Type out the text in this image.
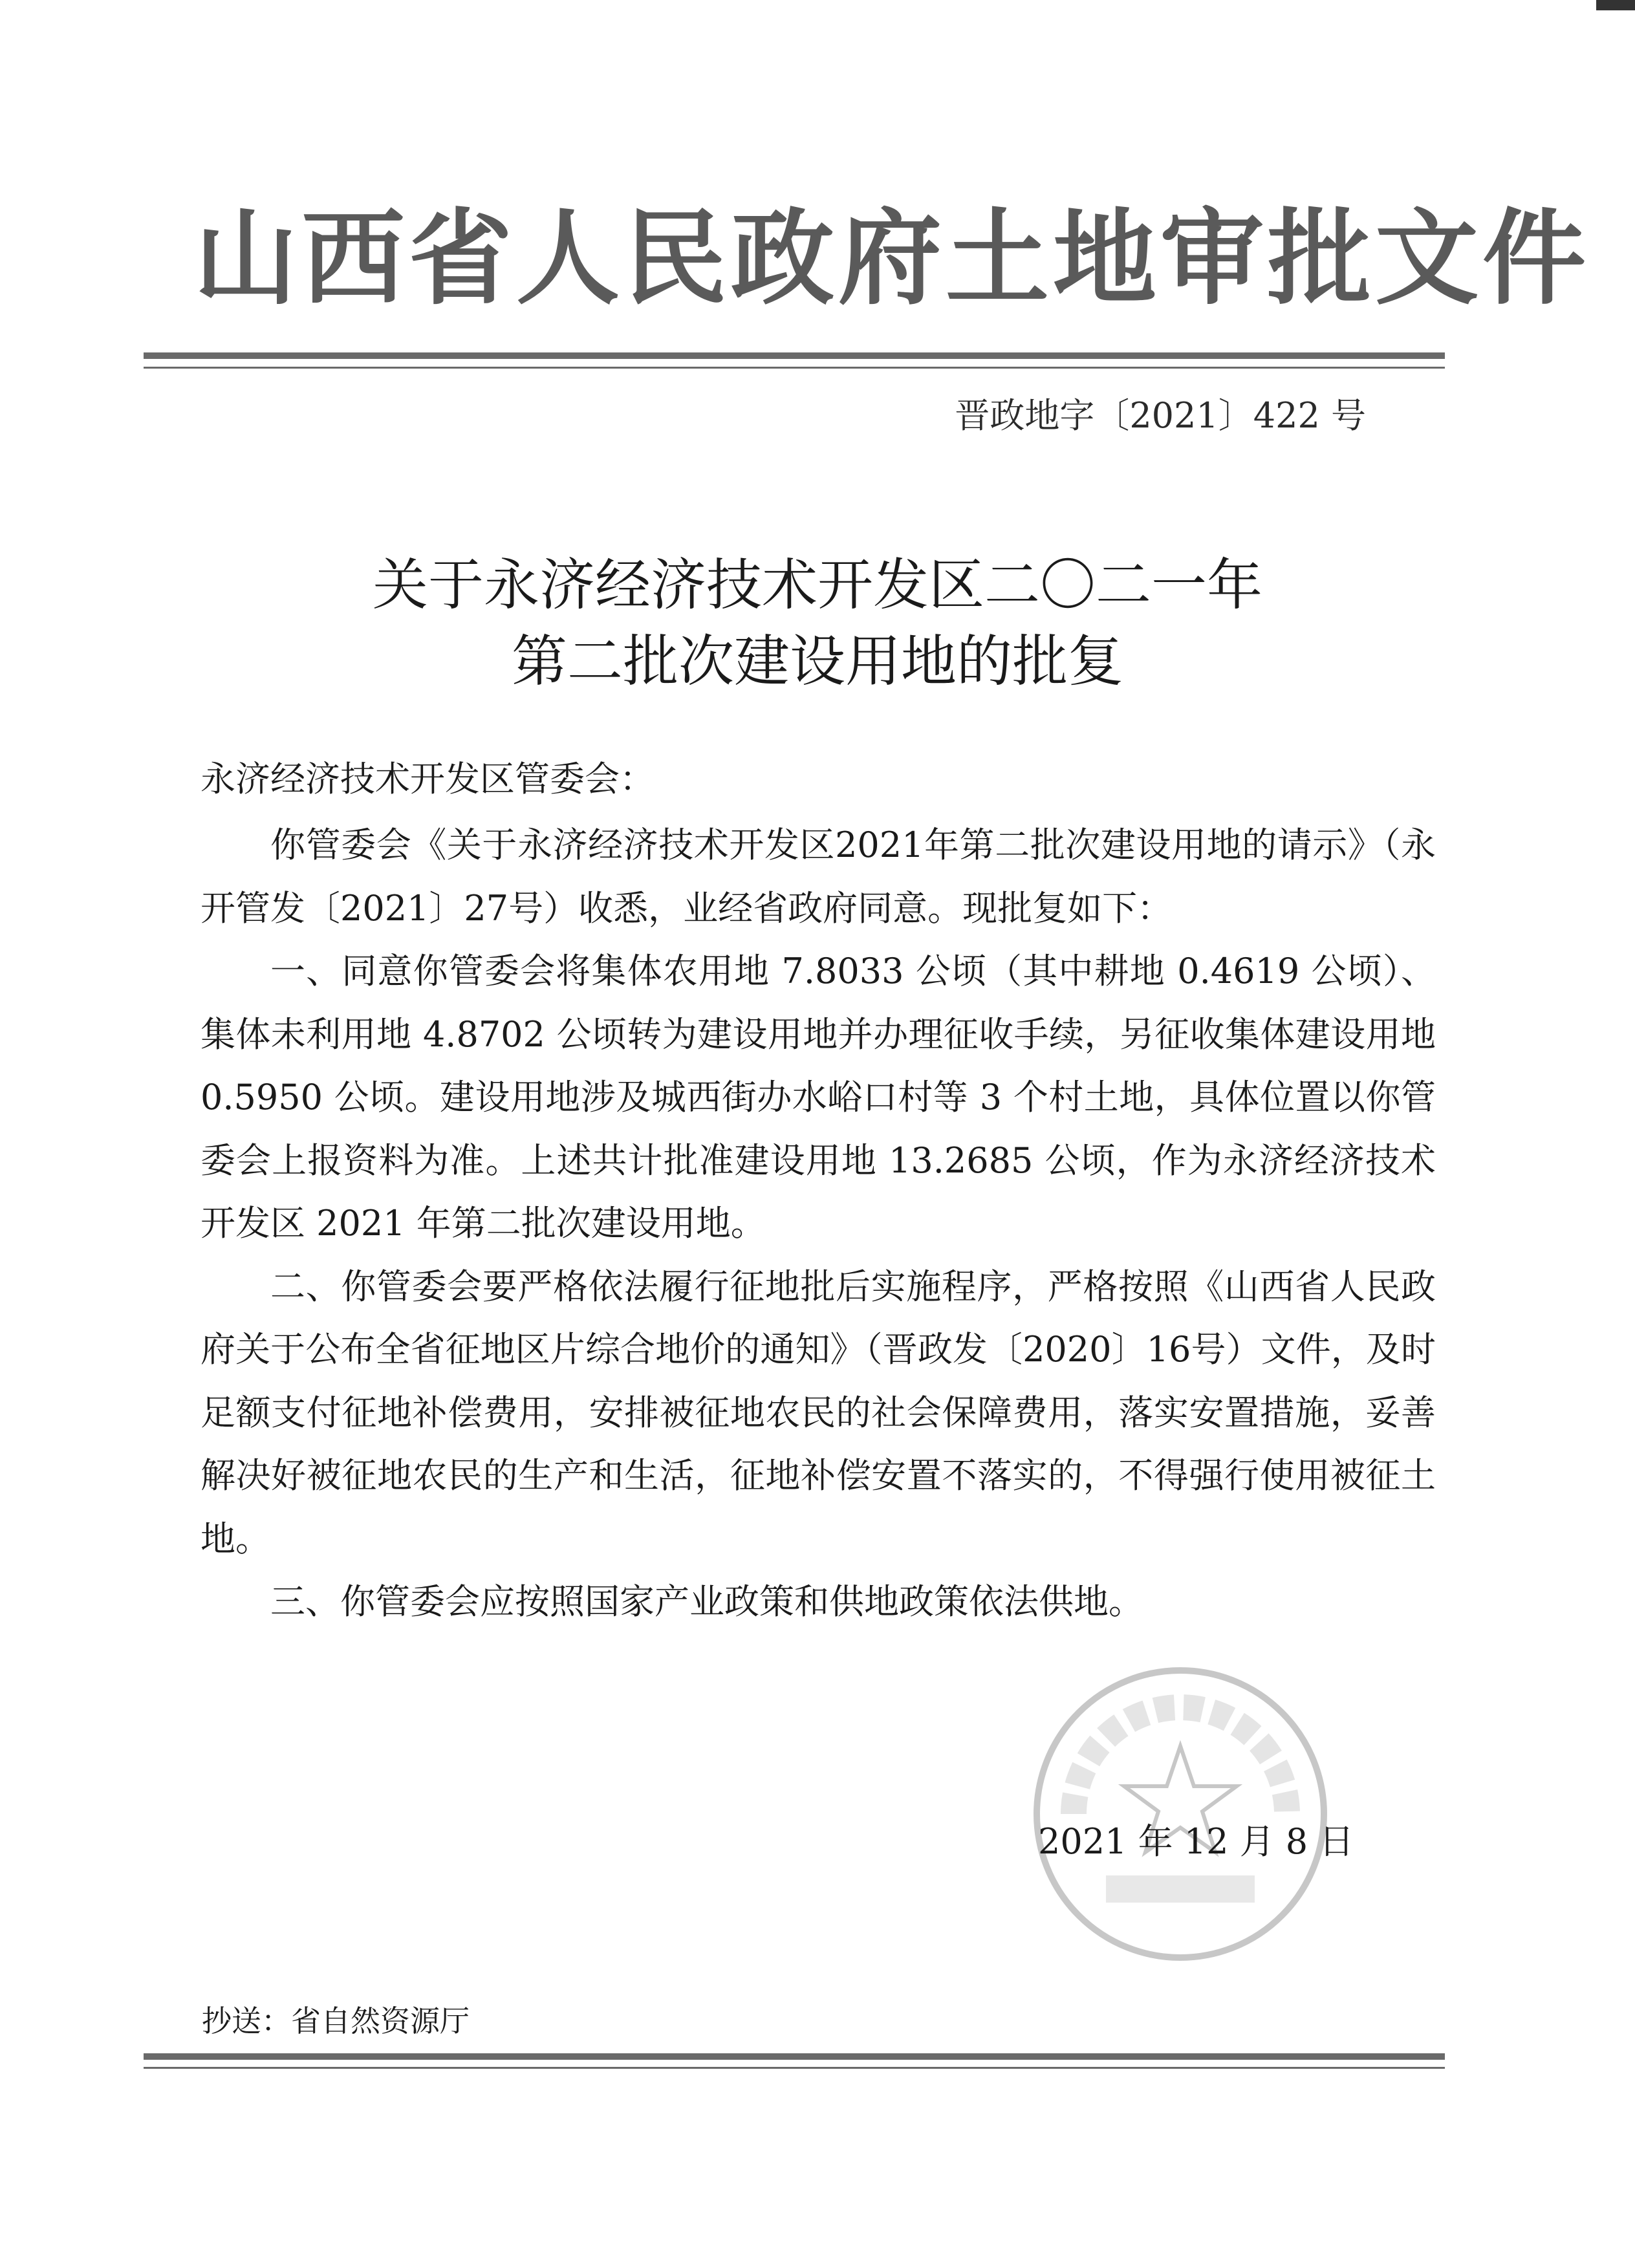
山西省人民政府土地审批文件
晋政地字〔2021〕422 号
关于永济经济技术开发区二〇二一年
第二批次建设用地的批复
永济经济技术开发区管委会：

你管委会《关于永济经济技术开发区2021年第二批次建设用地的请示》（永开管发〔2021〕27号）收悉，业经省政府同意。现批复如下：

一、同意你管委会将集体农用地 7.8033 公顷（其中耕地 0.4619 公顷）、集体未利用地 4.8702 公顷转为建设用地并办理征收手续，另征收集体建设用地 0.5950 公顷。建设用地涉及城西街办水峪口村等 3 个村土地，具体位置以你管委会上报资料为准。上述共计批准建设用地 13.2685 公顷，作为永济经济技术开发区 2021 年第二批次建设用地。

二、你管委会要严格依法履行征地批后实施程序，严格按照《山西省人民政府关于公布全省征地区片综合地价的通知》（晋政发〔2020〕16号）文件，及时足额支付征地补偿费用，安排被征地农民的社会保障费用，落实安置措施，妥善解决好被征地农民的生产和生活，征地补偿安置不落实的，不得强行使用被征土地。

三、你管委会应按照国家产业政策和供地政策依法供地。

2021 年 12 月 8 日
抄送：省自然资源厅
